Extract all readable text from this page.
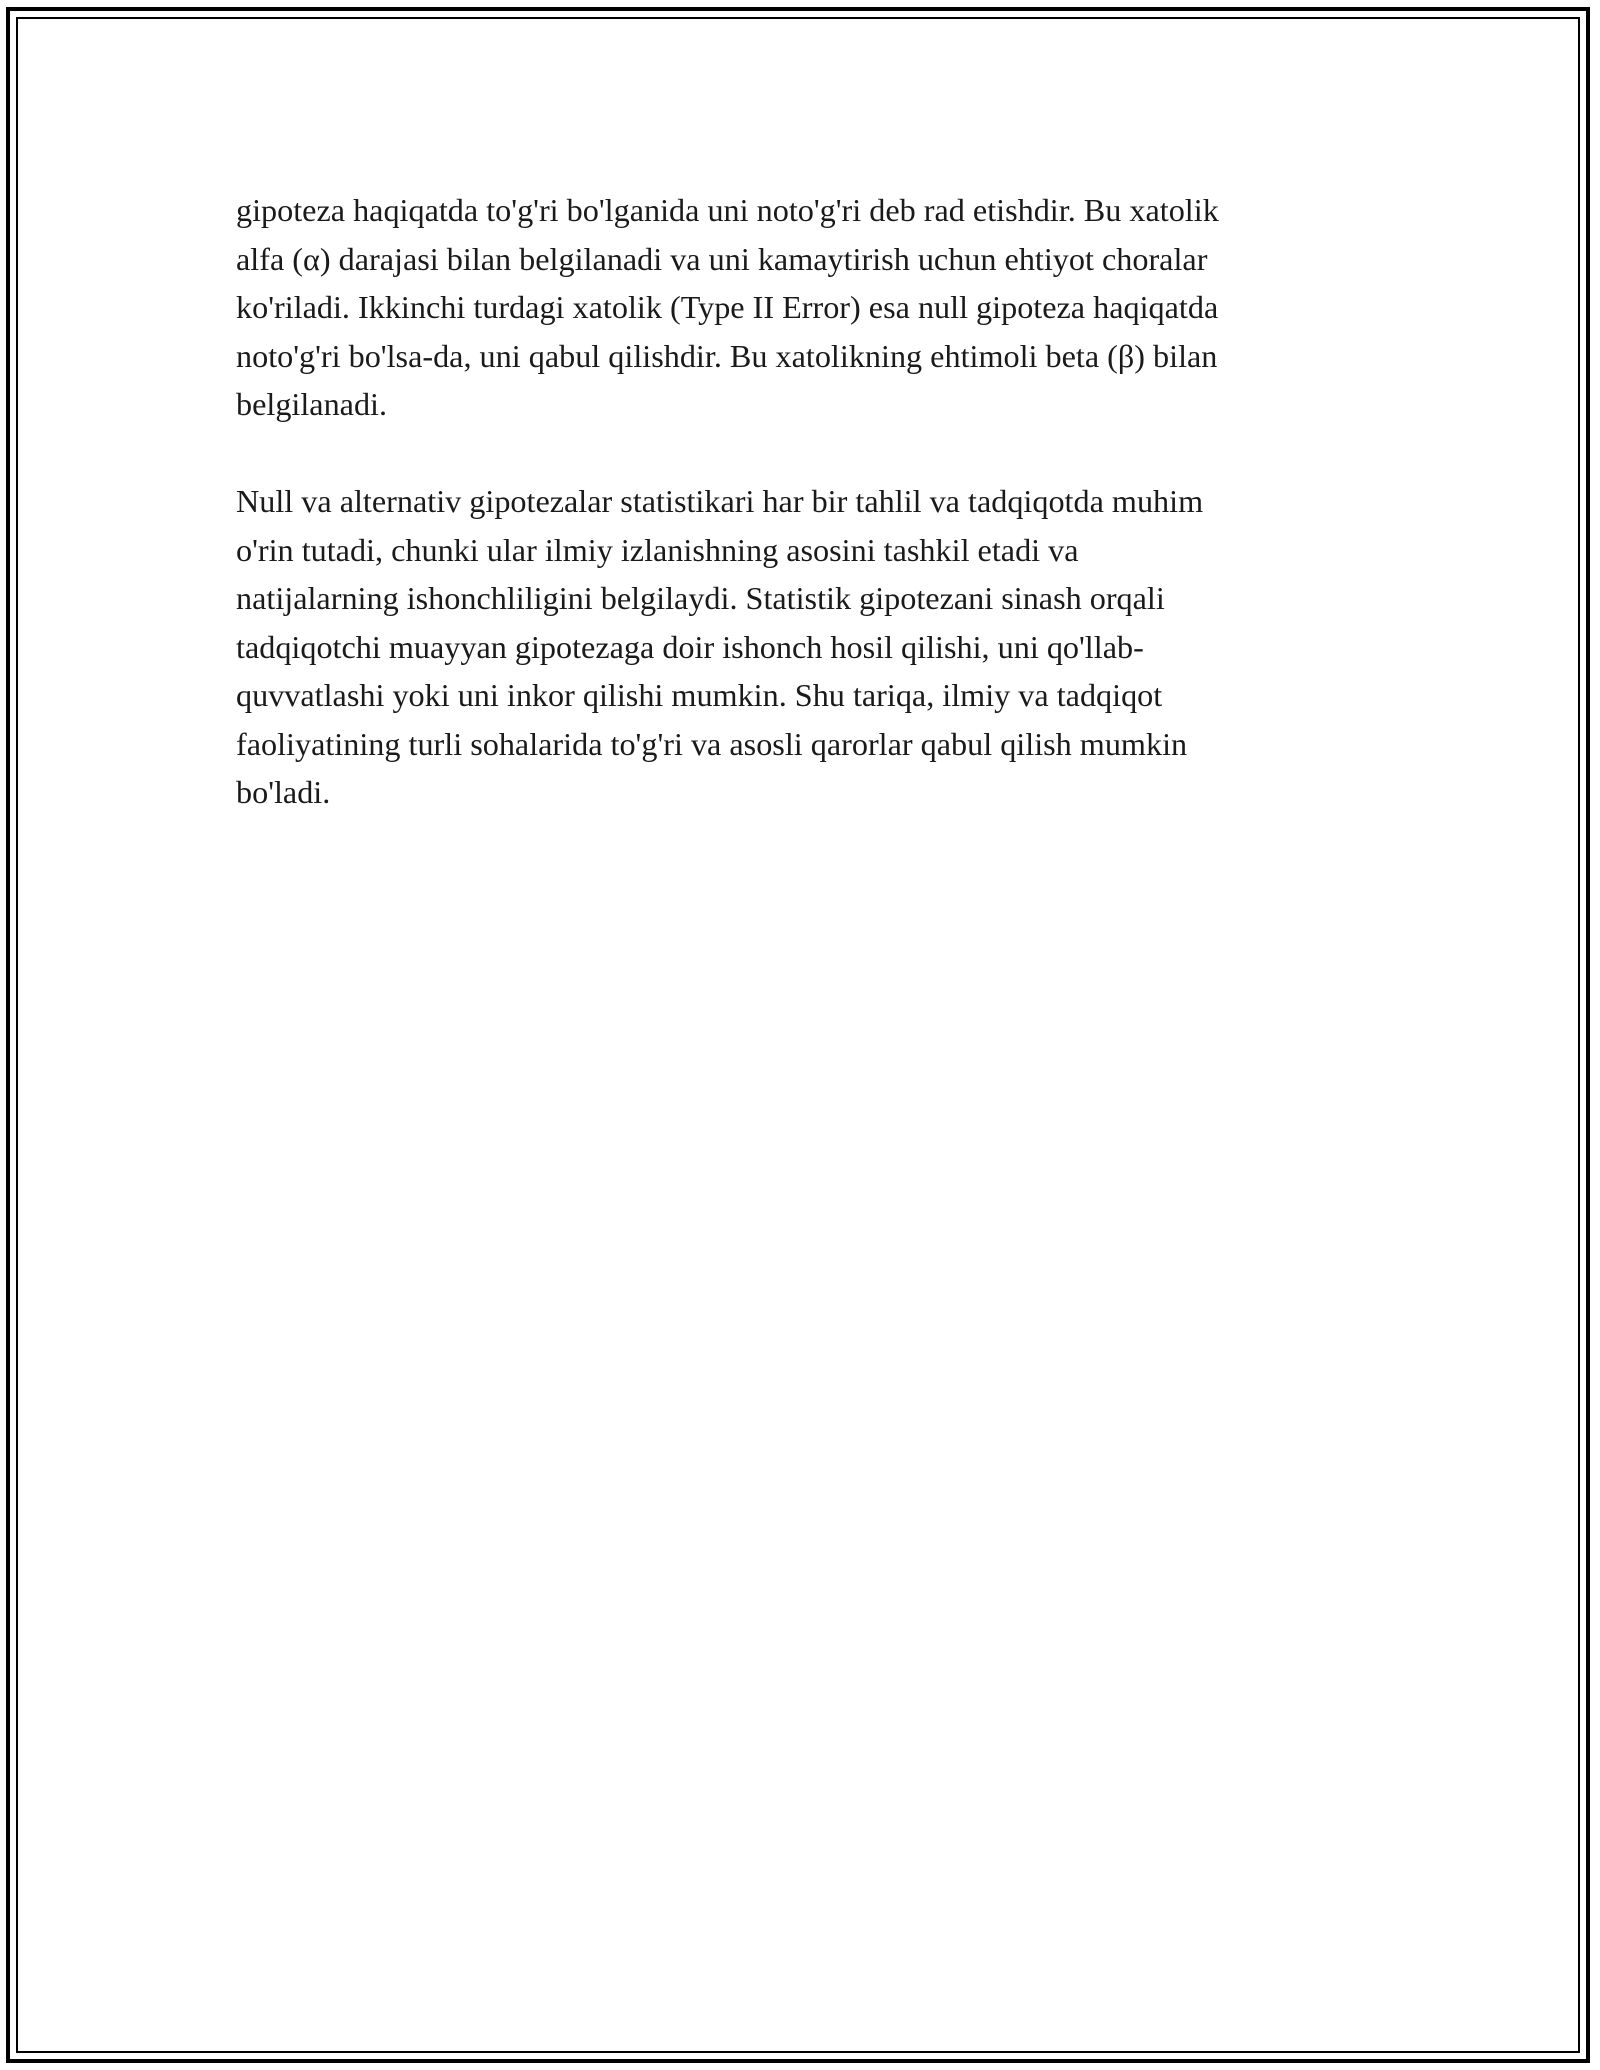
gipoteza haqiqatda to'g'ri bo'lganida uni noto'g'ri deb rad etishdir. Bu xatolik
alfa (α) darajasi bilan belgilanadi va uni kamaytirish uchun ehtiyot choralar
ko'riladi. Ikkinchi turdagi xatolik (Type II Error) esa null gipoteza haqiqatda
noto'g'ri bo'lsa-da, uni qabul qilishdir. Bu xatolikning ehtimoli beta (β) bilan
belgilanadi.

Null va alternativ gipotezalar statistikari har bir tahlil va tadqiqotda muhim
o'rin tutadi, chunki ular ilmiy izlanishning asosini tashkil etadi va
natijalarning ishonchliligini belgilaydi. Statistik gipotezani sinash orqali
tadqiqotchi muayyan gipotezaga doir ishonch hosil qilishi, uni qo'llab-
quvvatlashi yoki uni inkor qilishi mumkin. Shu tariqa, ilmiy va tadqiqot
faoliyatining turli sohalarida to'g'ri va asosli qarorlar qabul qilish mumkin
bo'ladi.
